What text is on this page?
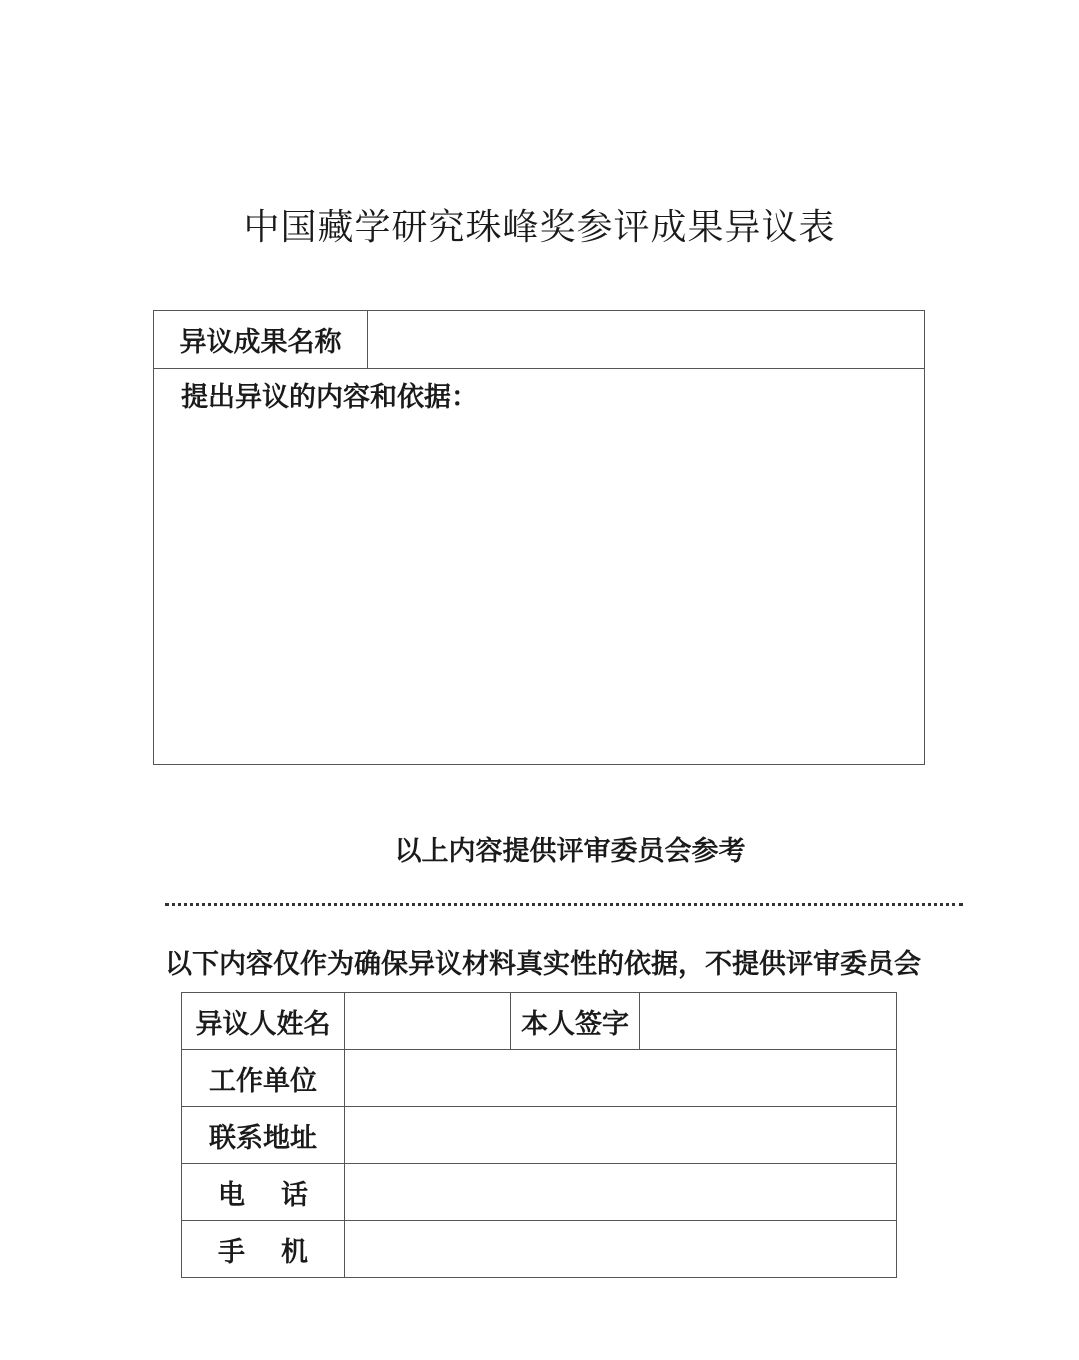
中国藏学研究珠峰奖参评成果异议表
异议成果名称
提出异议的内容和依据：
以上内容提供评审委员会参考
以下内容仅作为确保异议材料真实性的依据，不提供评审委员会
异议人姓名		本人签字	
工作单位			
联系地址			
电话			
手机			
